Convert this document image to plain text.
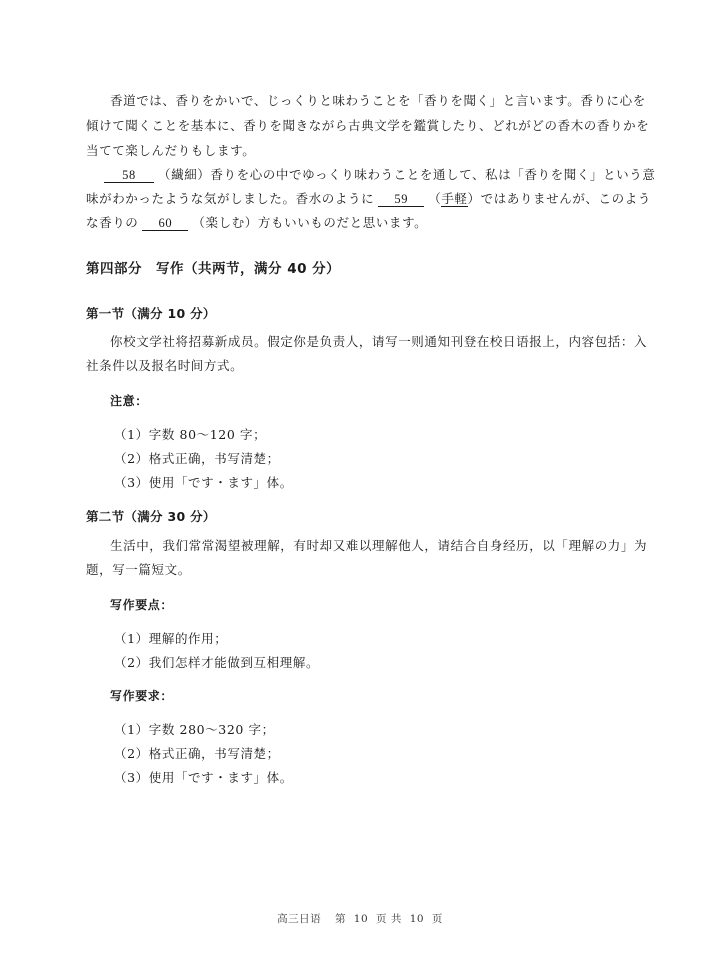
香道では、香りをかいで、じっくりと味わうことを「香りを聞く」と言います。香りに心を
傾けて聞くことを基本に、香りを聞きながら古典文学を鑑賞したり、どれがどの香木の香りかを
当てて楽しんだりもします。
58 （繊細）香りを心の中でゆっくり味わうことを通して、私は「香りを聞く」という意
味がわかったような気がしました。香水のように 59 （手軽）ではありませんが、このよう
な香りの 60 （楽しむ）方もいいものだと思います。
第四部分　写作（共两节，满分 40 分）
第一节（满分 10 分）
你校文学社将招募新成员。假定你是负责人，请写一则通知刊登在校日语报上，内容包括：入
社条件以及报名时间方式。
注意：
（1）字数 80～120 字；
（2）格式正确，书写清楚；
（3）使用「です・ます」体。
第二节（满分 30 分）
生活中，我们常常渴望被理解，有时却又难以理解他人，请结合自身经历，以「理解の力」为
题，写一篇短文。
写作要点：
（1）理解的作用；
（2）我们怎样才能做到互相理解。
写作要求：
（1）字数 280～320 字；
（2）格式正确，书写清楚；
（3）使用「です・ます」体。
高三日语 第 10 页 共 10 页
